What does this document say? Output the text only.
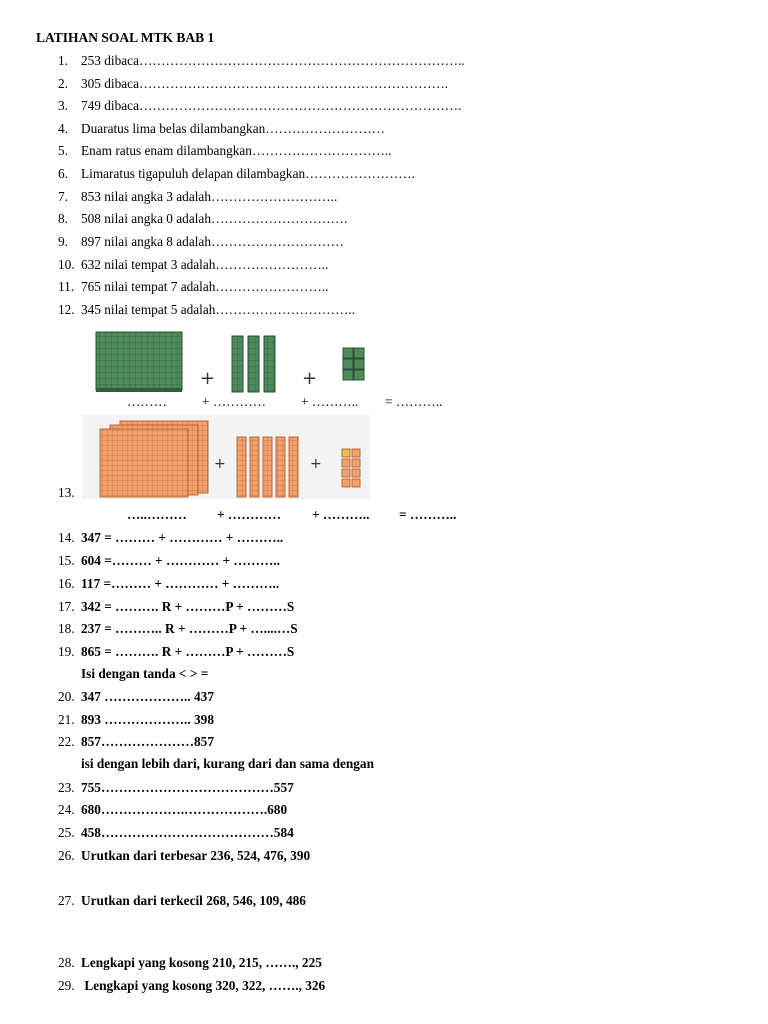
LATIHAN SOAL MTK BAB 1
1. 253 dibaca………………………………………………………………..
2. 305 dibaca…………………………………………………………….
3. 749 dibaca……………………………………………………………….
4. Duaratus lima belas dilambangkan………………………
5. Enam ratus enam dilambangkan…………………………..
6. Limaratus tigapuluh delapan dilambagkan…………………….
7. 853 nilai angka 3 adalah………………………..
8. 508 nilai angka 0 adalah………………………….
9. 897 nilai angka 8 adalah…………………………
10. 632 nilai tempat 3 adalah……………………..
11. 765 nilai tempat 7 adalah……………………..
12. 345 nilai tempat 5 adalah…………………………..
+	+
………	+ …………	+ ……….. = ………..
+	+
13.
…..……… + ………… + ……….. = ………..
14. 347 = ……… + ………… + ………..
15. 604 =……… + ………… + ………..
16. 117 =……… + ………… + ………..
17. 342 = ………. R + ………P + ………S
18. 237 = ……….. R + ………P + …....…S
19. 865 = ………. R + ………P + ………S
Isi dengan tanda < > =
20. 347 ……………….. 437
21. 893 ……………….. 398
22. 857…………………857
isi dengan lebih dari, kurang dari dan sama dengan
23. 755…………………………………557
24. 680……………….……………….680
25. 458…………………………………584
26. Urutkan dari terbesar 236, 524, 476, 390
27. Urutkan dari terkecil 268, 546, 109, 486
28. Lengkapi yang kosong 210, 215, ……., 225
29. Lengkapi yang kosong 320, 322, ……., 326
